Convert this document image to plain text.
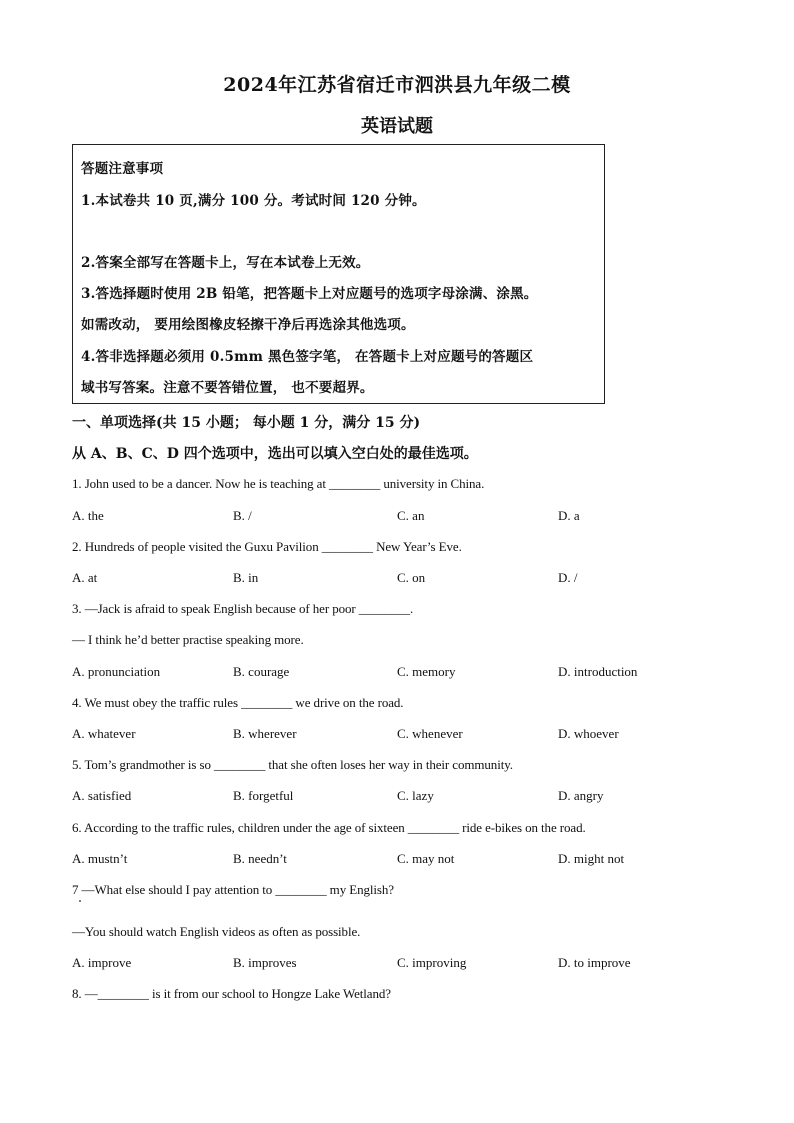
2024年江苏省宿迁市泗洪县九年级二模
英语试题
答题注意事项
1.本试卷共 10 页,满分 100 分。考试时间 120 分钟。
2.答案全部写在答题卡上，写在本试卷上无效。
3.答选择题时使用 2B 铅笔，把答题卡上对应题号的选项字母涂满、涂黑。
如需改动， 要用绘图橡皮轻擦干净后再选涂其他选项。
4.答非选择题必须用 0.5mm 黑色签字笔， 在答题卡上对应题号的答题区
域书写答案。注意不要答错位置， 也不要超界。
一、单项选择(共 15 小题； 每小题 1 分，满分 15 分)
从 A、B、C、D 四个选项中，选出可以填入空白处的最佳选项。
1. John used to be a dancer. Now he is teaching at ________ university in China.
A. the	B. /	C. an	D. a
2. Hundreds of people visited the Guxu Pavilion ________ New Year’s Eve.
A. at	B. in	C. on	D. /
3. —Jack is afraid to speak English because of her poor ________.
— I think he’d better practise speaking more.
A. pronunciation	B. courage	C. memory	D. introduction
4. We must obey the traffic rules ________ we drive on the road.
A. whatever	B. wherever	C. whenever	D. whoever
5. Tom’s grandmother is so ________ that she often loses her way in their community.
A. satisfied	B. forgetful	C. lazy	D. angry
6. According to the traffic rules, children under the age of sixteen ________ ride e-bikes on the road.
A. mustn’t	B. needn’t	C. may not	D. might not
7 —What else should I pay attention to ________ my English?
—You should watch English videos as often as possible.
A. improve	B. improves	C. improving	D. to improve
8. —________ is it from our school to Hongze Lake Wetland?
